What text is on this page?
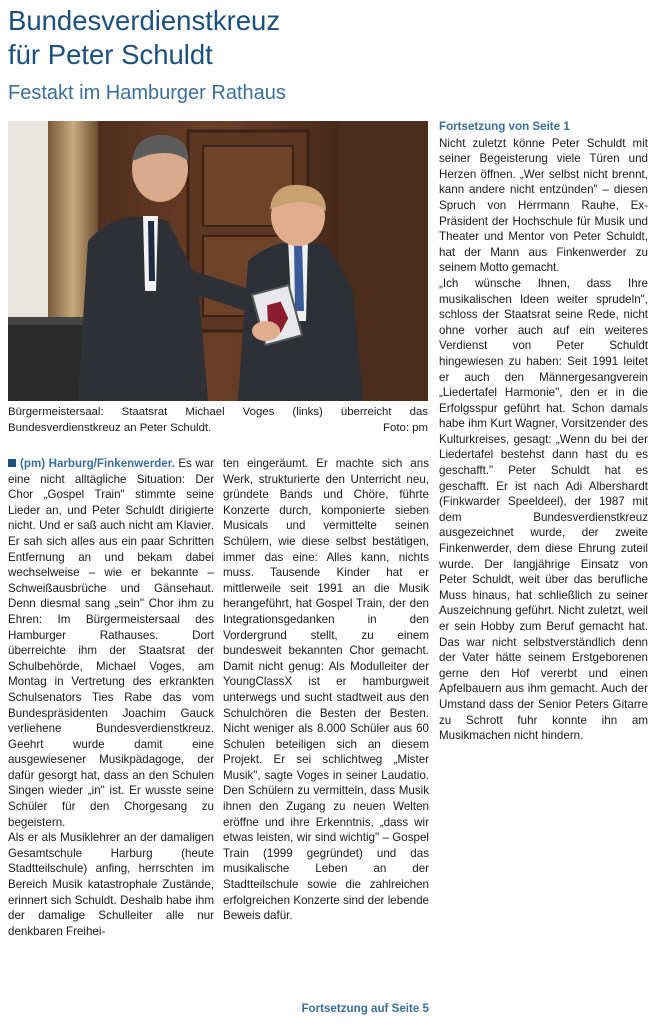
Bundesverdienstkreuz
für Peter Schuldt
Festakt im Hamburger Rathaus
Bürgermeistersaal: Staatsrat Michael Voges (links) überreicht das Bundesverdienstkreuz an Peter Schuldt.	Foto: pm

(pm) Harburg/Finkenwerder. Es war eine nicht alltägliche Situation: Der Chor „Gospel Train" stimmte seine Lieder an, und Peter Schuldt dirigierte nicht. Und er saß auch nicht am Klavier. Er sah sich alles aus ein paar Schritten Entfernung an und bekam dabei wechselweise – wie er bekannte – Schweißausbrüche und Gänsehaut. Denn diesmal sang „sein" Chor ihm zu Ehren: Im Bürgermeistersaal des Hamburger Rathauses. Dort überreichte ihm der Staatsrat der Schulbehörde, Michael Voges, am Montag in Vertretung des erkrankten Schulsenators Ties Rabe das vom Bundespräsidenten Joachim Gauck verliehene Bundesverdienstkreuz. Geehrt wurde damit eine ausgewiesener Musikpädagoge, der dafür gesorgt hat, dass an den Schulen Singen wieder „in" ist. Er wusste seine Schüler für den Chorgesang zu begeistern.

Als er als Musiklehrer an der damaligen Gesamtschule Harburg (heute Stadtteilschule) anfing, herrschten im Bereich Musik katastrophale Zustände, erinnert sich Schuldt. Deshalb habe ihm der damalige Schulleiter alle nur denkbaren Freihei-

ten eingeräumt. Er machte sich ans Werk, strukturierte den Unterricht neu, gründete Bands und Chöre, führte Konzerte durch, komponierte sieben Musicals und vermittelte seinen Schülern, wie diese selbst bestätigen, immer das eine: Alles kann, nichts muss. Tausende Kinder hat er mittlerweile seit 1991 an die Musik herangeführt, hat Gospel Train, der den Integrationsgedanken in den Vordergrund stellt, zu einem bundesweit bekannten Chor gemacht. Damit nicht genug: Als Modulleiter der YoungClassX ist er hamburgweit unterwegs und sucht stadtweit aus den Schulchören die Besten der Besten. Nicht weniger als 8.000 Schüler aus 60 Schulen beteiligen sich an diesem Projekt. Er sei schlichtweg „Mister Musik", sagte Voges in seiner Laudatio. Den Schülern zu vermitteln, dass Musik ihnen den Zugang zu neuen Welten eröffne und ihre Erkenntnis, „dass wir etwas leisten, wir sind wichtig" – Gospel Train (1999 gegründet) und das musikalische Leben an der Stadtteilschule sowie die zahlreichen erfolgreichen Konzerte sind der lebende Beweis dafür.

Fortsetzung auf Seite 5
Fortsetzung von Seite 1

Nicht zuletzt könne Peter Schuldt mit seiner Begeisterung viele Türen und Herzen öffnen. „Wer selbst nicht brennt, kann andere nicht entzünden" – diesen Spruch von Herrmann Rauhe, Ex-Präsident der Hochschule für Musik und Theater und Mentor von Peter Schuldt, hat der Mann aus Finkenwerder zu seinem Motto gemacht.

„Ich wünsche Ihnen, dass Ihre musikalischen Ideen weiter sprudeln", schloss der Staatsrat seine Rede, nicht ohne vorher auch auf ein weiteres Verdienst von Peter Schuldt hingewiesen zu haben: Seit 1991 leitet er auch den Männergesangverein „Liedertafel Harmonie", den er in die Erfolgsspur geführt hat. Schon damals habe ihm Kurt Wagner, Vorsitzender des Kulturkreises, gesagt: „Wenn du bei der Liedertafel bestehst dann hast du es geschafft." Peter Schuldt hat es geschafft. Er ist nach Adi Albershardt (Finkwarder Speeldeel), der 1987 mit dem Bundesverdienstkreuz ausgezeichnet wurde, der zweite Finkenwerder, dem diese Ehrung zuteil wurde. Der langjährige Einsatz von Peter Schuldt, weit über das berufliche Muss hinaus, hat schließlich zu seiner Auszeichnung geführt. Nicht zuletzt, weil er sein Hobby zum Beruf gemacht hat. Das war nicht selbstverständlich denn der Vater hätte seinem Erstgeborenen gerne den Hof vererbt und einen Apfelbauern aus ihm gemacht. Auch der Umstand dass der Senior Peters Gitarre zu Schrott fuhr konnte ihn am Musikmachen nicht hindern.
